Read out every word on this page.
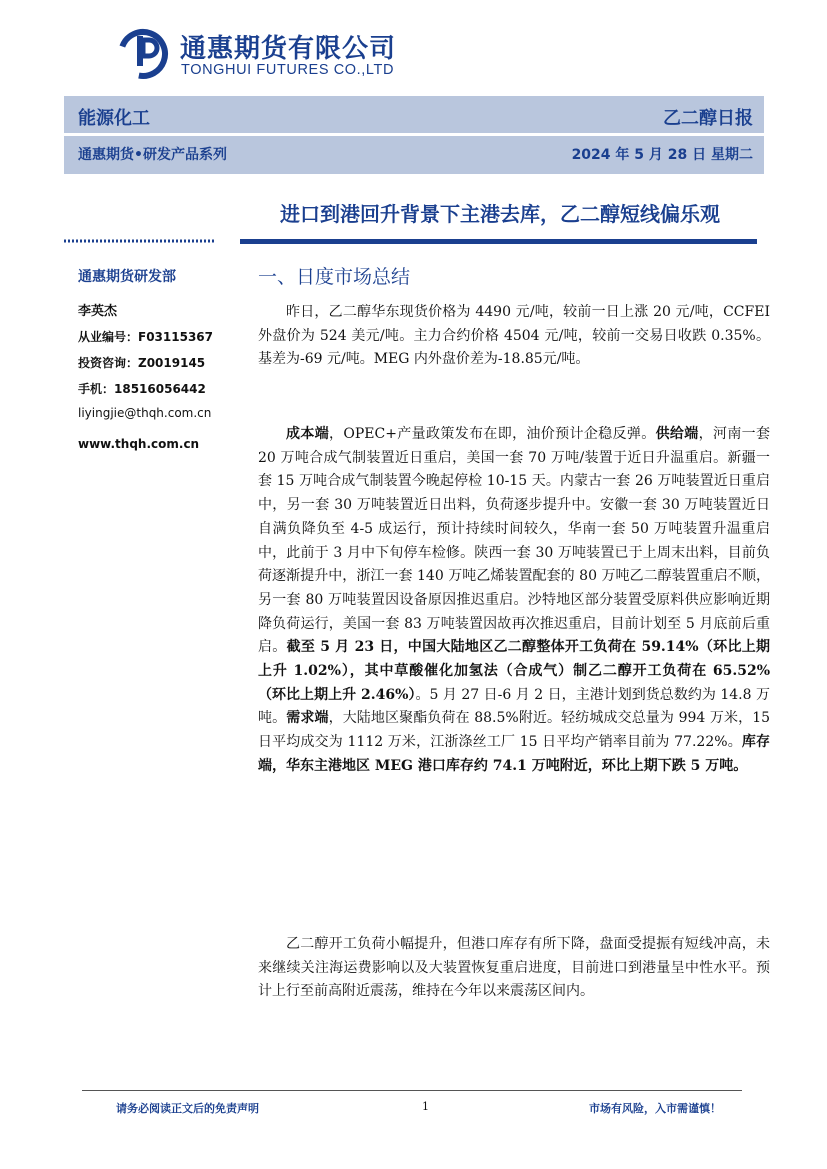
通惠期货有限公司
TONGHUI FUTURES CO.,LTD
能源化工	乙二醇日报
通惠期货•研发产品系列	2024 年 5 月 28 日 星期二
进口到港回升背景下主港去库，乙二醇短线偏乐观
通惠期货研发部
李英杰
从业编号：F03115367
投资咨询：Z0019145
手机：18516056442
liyingjie@thqh.com.cn
www.thqh.com.cn
一、日度市场总结
昨日，乙二醇华东现货价格为 4490 元/吨，较前一日上涨 20 元/吨，CCFEI 外盘价为 524 美元/吨。主力合约价格 4504 元/吨，较前一交易日收跌 0.35%。基差为-69 元/吨。MEG 内外盘价差为-18.85元/吨。
成本端，OPEC+产量政策发布在即，油价预计企稳反弹。供给端，河南一套 20 万吨合成气制装置近日重启，美国一套 70 万吨/装置于近日升温重启。新疆一套 15 万吨合成气制装置今晚起停检 10-15 天。内蒙古一套 26 万吨装置近日重启中，另一套 30 万吨装置近日出料，负荷逐步提升中。安徽一套 30 万吨装置近日自满负降负至 4-5 成运行，预计持续时间较久，华南一套 50 万吨装置升温重启中，此前于 3 月中下旬停车检修。陕西一套 30 万吨装置已于上周末出料，目前负荷逐渐提升中，浙江一套 140 万吨乙烯装置配套的 80 万吨乙二醇装置重启不顺，另一套 80 万吨装置因设备原因推迟重启。沙特地区部分装置受原料供应影响近期降负荷运行，美国一套 83 万吨装置因故再次推迟重启，目前计划至 5 月底前后重启。截至 5 月 23 日，中国大陆地区乙二醇整体开工负荷在 59.14%（环比上期上升 1.02%），其中草酸催化加氢法（合成气）制乙二醇开工负荷在 65.52%（环比上期上升 2.46%）。5 月 27 日-6 月 2 日，主港计划到货总数约为 14.8 万吨。需求端，大陆地区聚酯负荷在 88.5%附近。轻纺城成交总量为 994 万米，15 日平均成交为 1112 万米，江浙涤丝工厂 15 日平均产销率目前为 77.22%。库存端，华东主港地区 MEG 港口库存约 74.1 万吨附近，环比上期下跌 5 万吨。
乙二醇开工负荷小幅提升，但港口库存有所下降，盘面受提振有短线冲高，未来继续关注海运费影响以及大装置恢复重启进度，目前进口到港量呈中性水平。预计上行至前高附近震荡，维持在今年以来震荡区间内。
请务必阅读正文后的免责声明	1	市场有风险，入市需谨慎！
